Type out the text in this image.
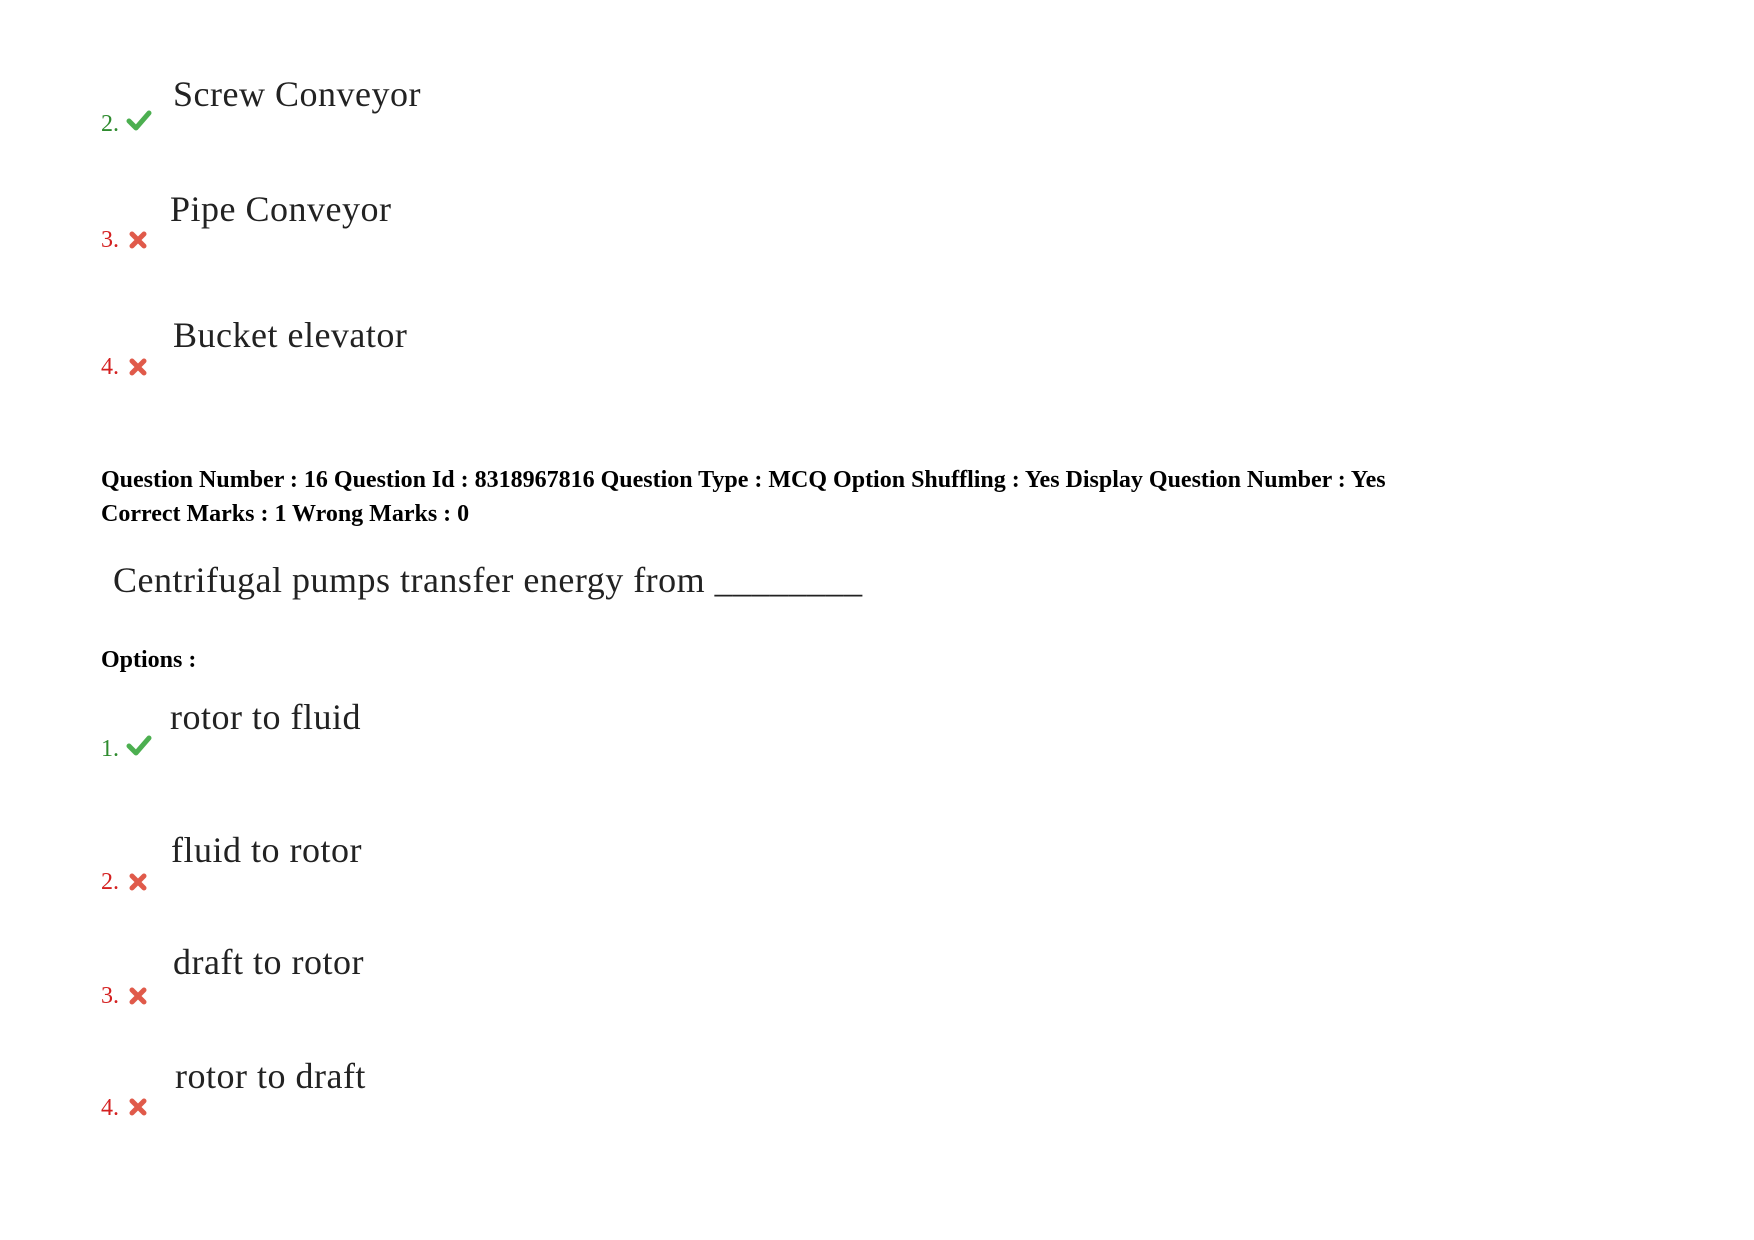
Screw Conveyor
2.
Pipe Conveyor
3.
Bucket elevator
4.
Question Number : 16 Question Id : 8318967816 Question Type : MCQ Option Shuffling : Yes Display Question Number : Yes
Correct Marks : 1 Wrong Marks : 0
Centrifugal pumps transfer energy from ________
Options :
rotor to fluid
1.
fluid to rotor
2.
draft to rotor
3.
rotor to draft
4.
